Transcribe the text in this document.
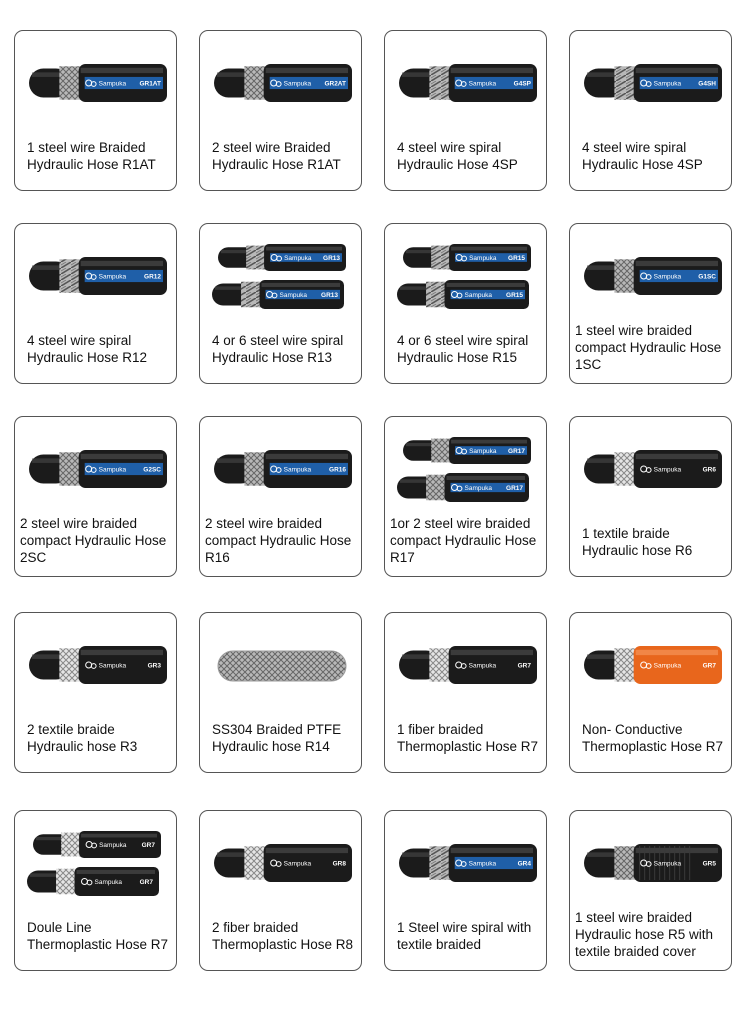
Sampuka GR1AT
1 steel wire Braided
Hydraulic Hose R1AT
Sampuka GR2AT
2 steel wire Braided
Hydraulic Hose R1AT
Sampuka	G4SP
4 steel wire spiral
Hydraulic Hose 4SP
Sampuka	G4SH
4 steel wire spiral
Hydraulic Hose 4SP
Sampuka	GR12
4 steel wire spiral
Hydraulic Hose R12
Sampuka GR13
Sampuka GR13
4 or 6 steel wire spiral
Hydraulic Hose R13
Sampuka GR15
Sampuka GR15
4 or 6 steel wire spiral
Hydraulic Hose R15
Sampuka	G1SC
1 steel wire braided
compact Hydraulic Hose
1SC
Sampuka	G2SC
2 steel wire braided
compact Hydraulic Hose
2SC
Sampuka	GR16
2 steel wire braided
compact Hydraulic Hose
R16
Sampuka GR17
Sampuka GR17
1or 2 steel wire braided
compact Hydraulic Hose
R17
Sampuka	GR6
1 textile braide
Hydraulic hose R6
Sampuka	GR3
2 textile braide
Hydraulic hose R3
SS304 Braided PTFE
Hydraulic hose R14
Sampuka	GR7
1 fiber braided
Thermoplastic Hose R7
Sampuka	GR7
Non- Conductive
Thermoplastic Hose R7
Sampuka GR7
Sampuka	GR7
Doule Line
Thermoplastic Hose R7
Sampuka	GR8
2 fiber braided
Thermoplastic Hose R8
Sampuka	GR4
1 Steel wire spiral with
textile braided
Sampuka	GR5
1 steel wire braided
Hydraulic hose R5 with
textile braided cover
